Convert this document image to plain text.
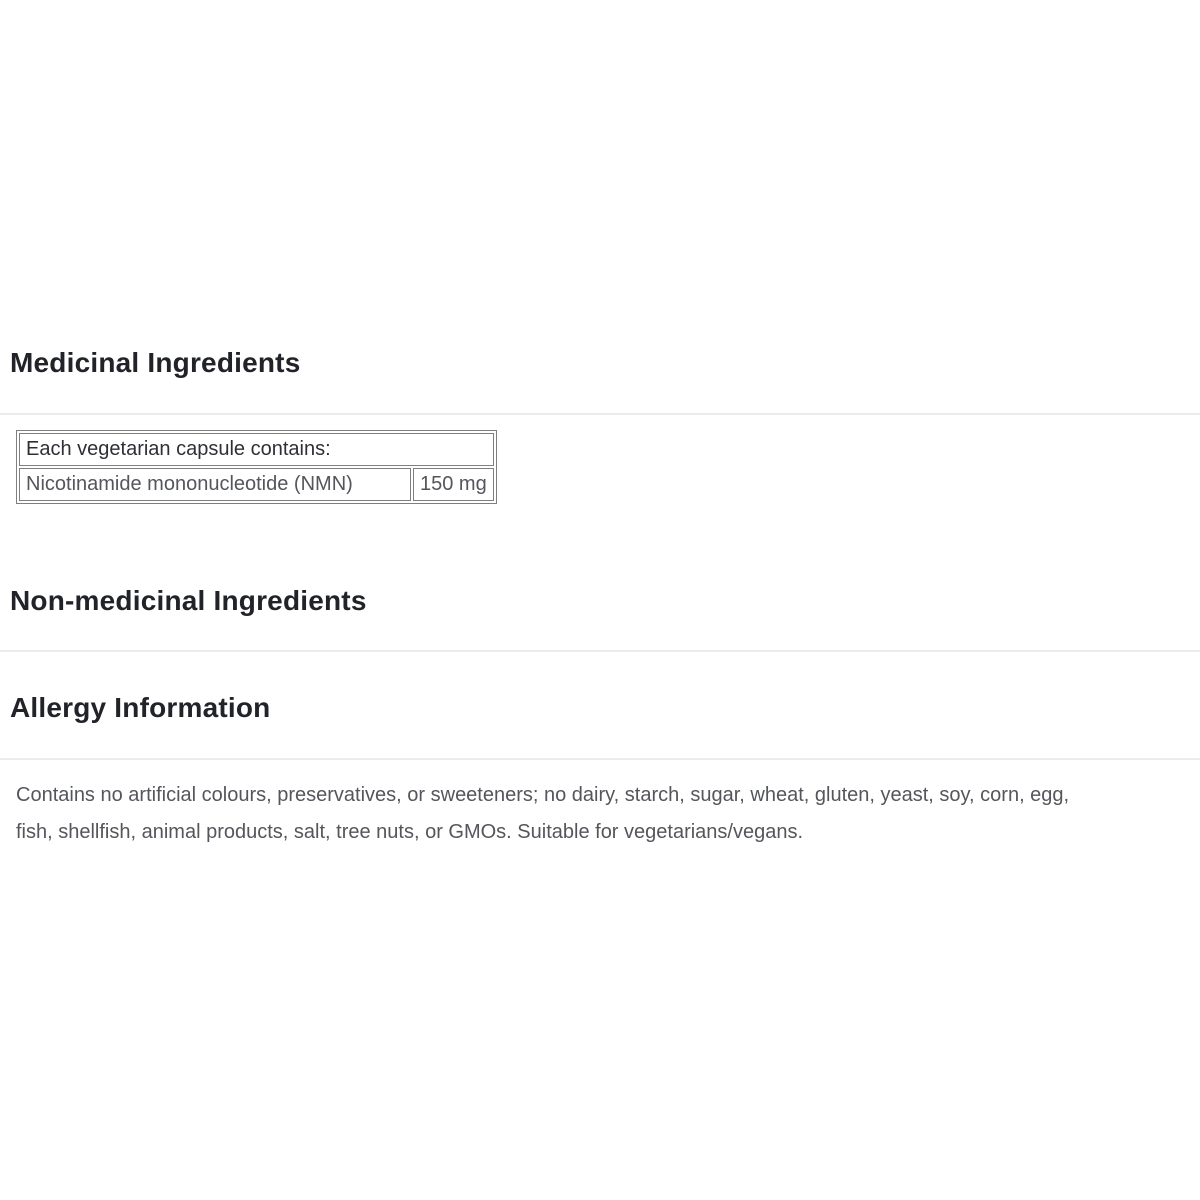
Medicinal Ingredients
Each vegetarian capsule contains:
Nicotinamide mononucleotide (NMN)	150 mg
Non-medicinal Ingredients
Allergy Information

Contains no artificial colours, preservatives, or sweeteners; no dairy, starch, sugar, wheat, gluten, yeast, soy, corn, egg, fish, shellfish, animal products, salt, tree nuts, or GMOs. Suitable for vegetarians/vegans.
